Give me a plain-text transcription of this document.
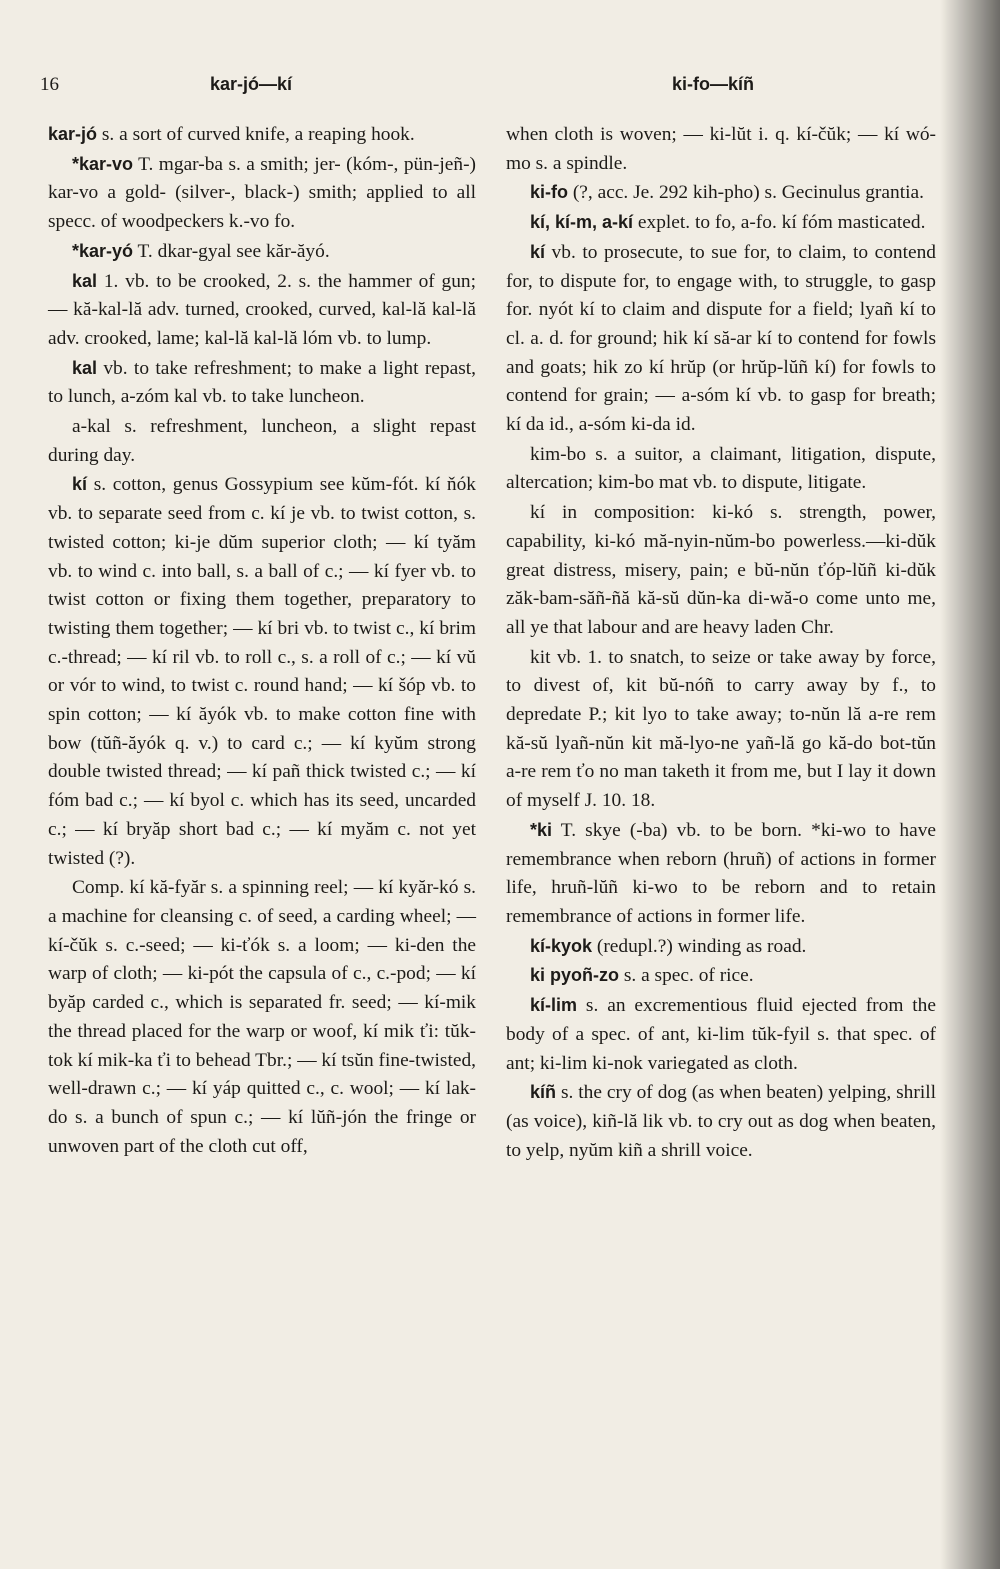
16	kar-jó—kí	ki-fo—kíñ

kar-jó s. a sort of curved knife, a reaping hook.

*kar-vo T. mgar-ba s. a smith; jer- (kóm-, pün-jeñ-) kar-vo a gold- (silver-, black-) smith; applied to all specc. of woodpeckers k.-vo fo.

*kar-yó T. dkar-gyal see kăr-ăyó.

kal 1. vb. to be crooked, 2. s. the hammer of gun; — kă-kal-lă adv. turned, crooked, curved, kal-lă kal-lă adv. crooked, lame; kal-lă kal-lă lóm vb. to lump.

kal vb. to take refreshment; to make a light repast, to lunch, a-zóm kal vb. to take luncheon.

a-kal s. refreshment, luncheon, a slight repast during day.

kí s. cotton, genus Gossypium see kŭm-fót. kí ňók vb. to separate seed from c. kí je vb. to twist cotton, s. twisted cotton; ki-je dŭm superior cloth; — kí tyăm vb. to wind c. into ball, s. a ball of c.; — kí fyer vb. to twist cotton or fixing them together, preparatory to twisting them together; — kí bri vb. to twist c., kí brim c.-thread; — kí ril vb. to roll c., s. a roll of c.; — kí vŭ or vór to wind, to twist c. round hand; — kí šóp vb. to spin cotton; — kí ăyók vb. to make cotton fine with bow (tŭñ-ăyók q. v.) to card c.; — kí kyŭm strong double twisted thread; — kí pañ thick twisted c.; — kí fóm bad c.; — kí byol c. which has its seed, uncarded c.; — kí bryăp short bad c.; — kí myăm c. not yet twisted (?).

Comp. kí kă-fyăr s. a spinning reel; — kí kyăr-kó s. a machine for cleansing c. of seed, a carding wheel; — kí-čŭk s. c.-seed; — ki-ťók s. a loom; — ki-den the warp of cloth; — ki-pót the capsula of c., c.-pod; — kí byăp carded c., which is separated fr. seed; — kí-mik the thread placed for the warp or woof, kí mik ťi: tŭk-tok kí mik-ka ťi to behead Tbr.; — kí tsŭn fine-twisted, well-drawn c.; — kí yáp quitted c., c. wool; — kí lak-do s. a bunch of spun c.; — kí lŭñ-jón the fringe or unwoven part of the cloth cut off,

when cloth is woven; — ki-lŭt i. q. kí-čŭk; — kí wó-mo s. a spindle.

ki-fo (?, acc. Je. 292 kih-pho) s. Gecinulus grantia.

kí, kí-m, a-kí explet. to fo, a-fo. kí fóm masticated.

kí vb. to prosecute, to sue for, to claim, to contend for, to dispute for, to engage with, to struggle, to gasp for. nyót kí to claim and dispute for a field; lyañ kí to cl. a. d. for ground; hik kí să-ar kí to contend for fowls and goats; hik zo kí hrŭp (or hrŭp-lŭñ kí) for fowls to contend for grain; — a-sóm kí vb. to gasp for breath; kí da id., a-sóm ki-da id.

kim-bo s. a suitor, a claimant, litigation, dispute, altercation; kim-bo mat vb. to dispute, litigate.

kí in composition: ki-kó s. strength, power, capability, ki-kó mă-nyin-nŭm-bo powerless.—ki-dŭk great distress, misery, pain; e bŭ-nŭn ťóp-lŭñ ki-dŭk zăk-bam-săñ-ñă kă-sŭ dŭn-ka di-wă-o come unto me, all ye that labour and are heavy laden Chr.

kit vb. 1. to snatch, to seize or take away by force, to divest of, kit bŭ-nóñ to carry away by f., to depredate P.; kit lyo to take away; to-nŭn lă a-re rem kă-sŭ lyañ-nŭn kit mă-lyo-ne yañ-lă go kă-do bot-tŭn a-re rem ťo no man taketh it from me, but I lay it down of myself J. 10. 18.

*ki T. skye (-ba) vb. to be born. *ki-wo to have remembrance when reborn (hruñ) of actions in former life, hruñ-lŭñ ki-wo to be reborn and to retain remembrance of actions in former life.

kí-kyok (redupl.?) winding as road.

ki pyoñ-zo s. a spec. of rice.

kí-lim s. an excrementious fluid ejected from the body of a spec. of ant, ki-lim tŭk-fyil s. that spec. of ant; ki-lim ki-nok variegated as cloth.

kíñ s. the cry of dog (as when beaten) yelping, shrill (as voice), kiñ-lă lik vb. to cry out as dog when beaten, to yelp, nyŭm kiñ a shrill voice.
